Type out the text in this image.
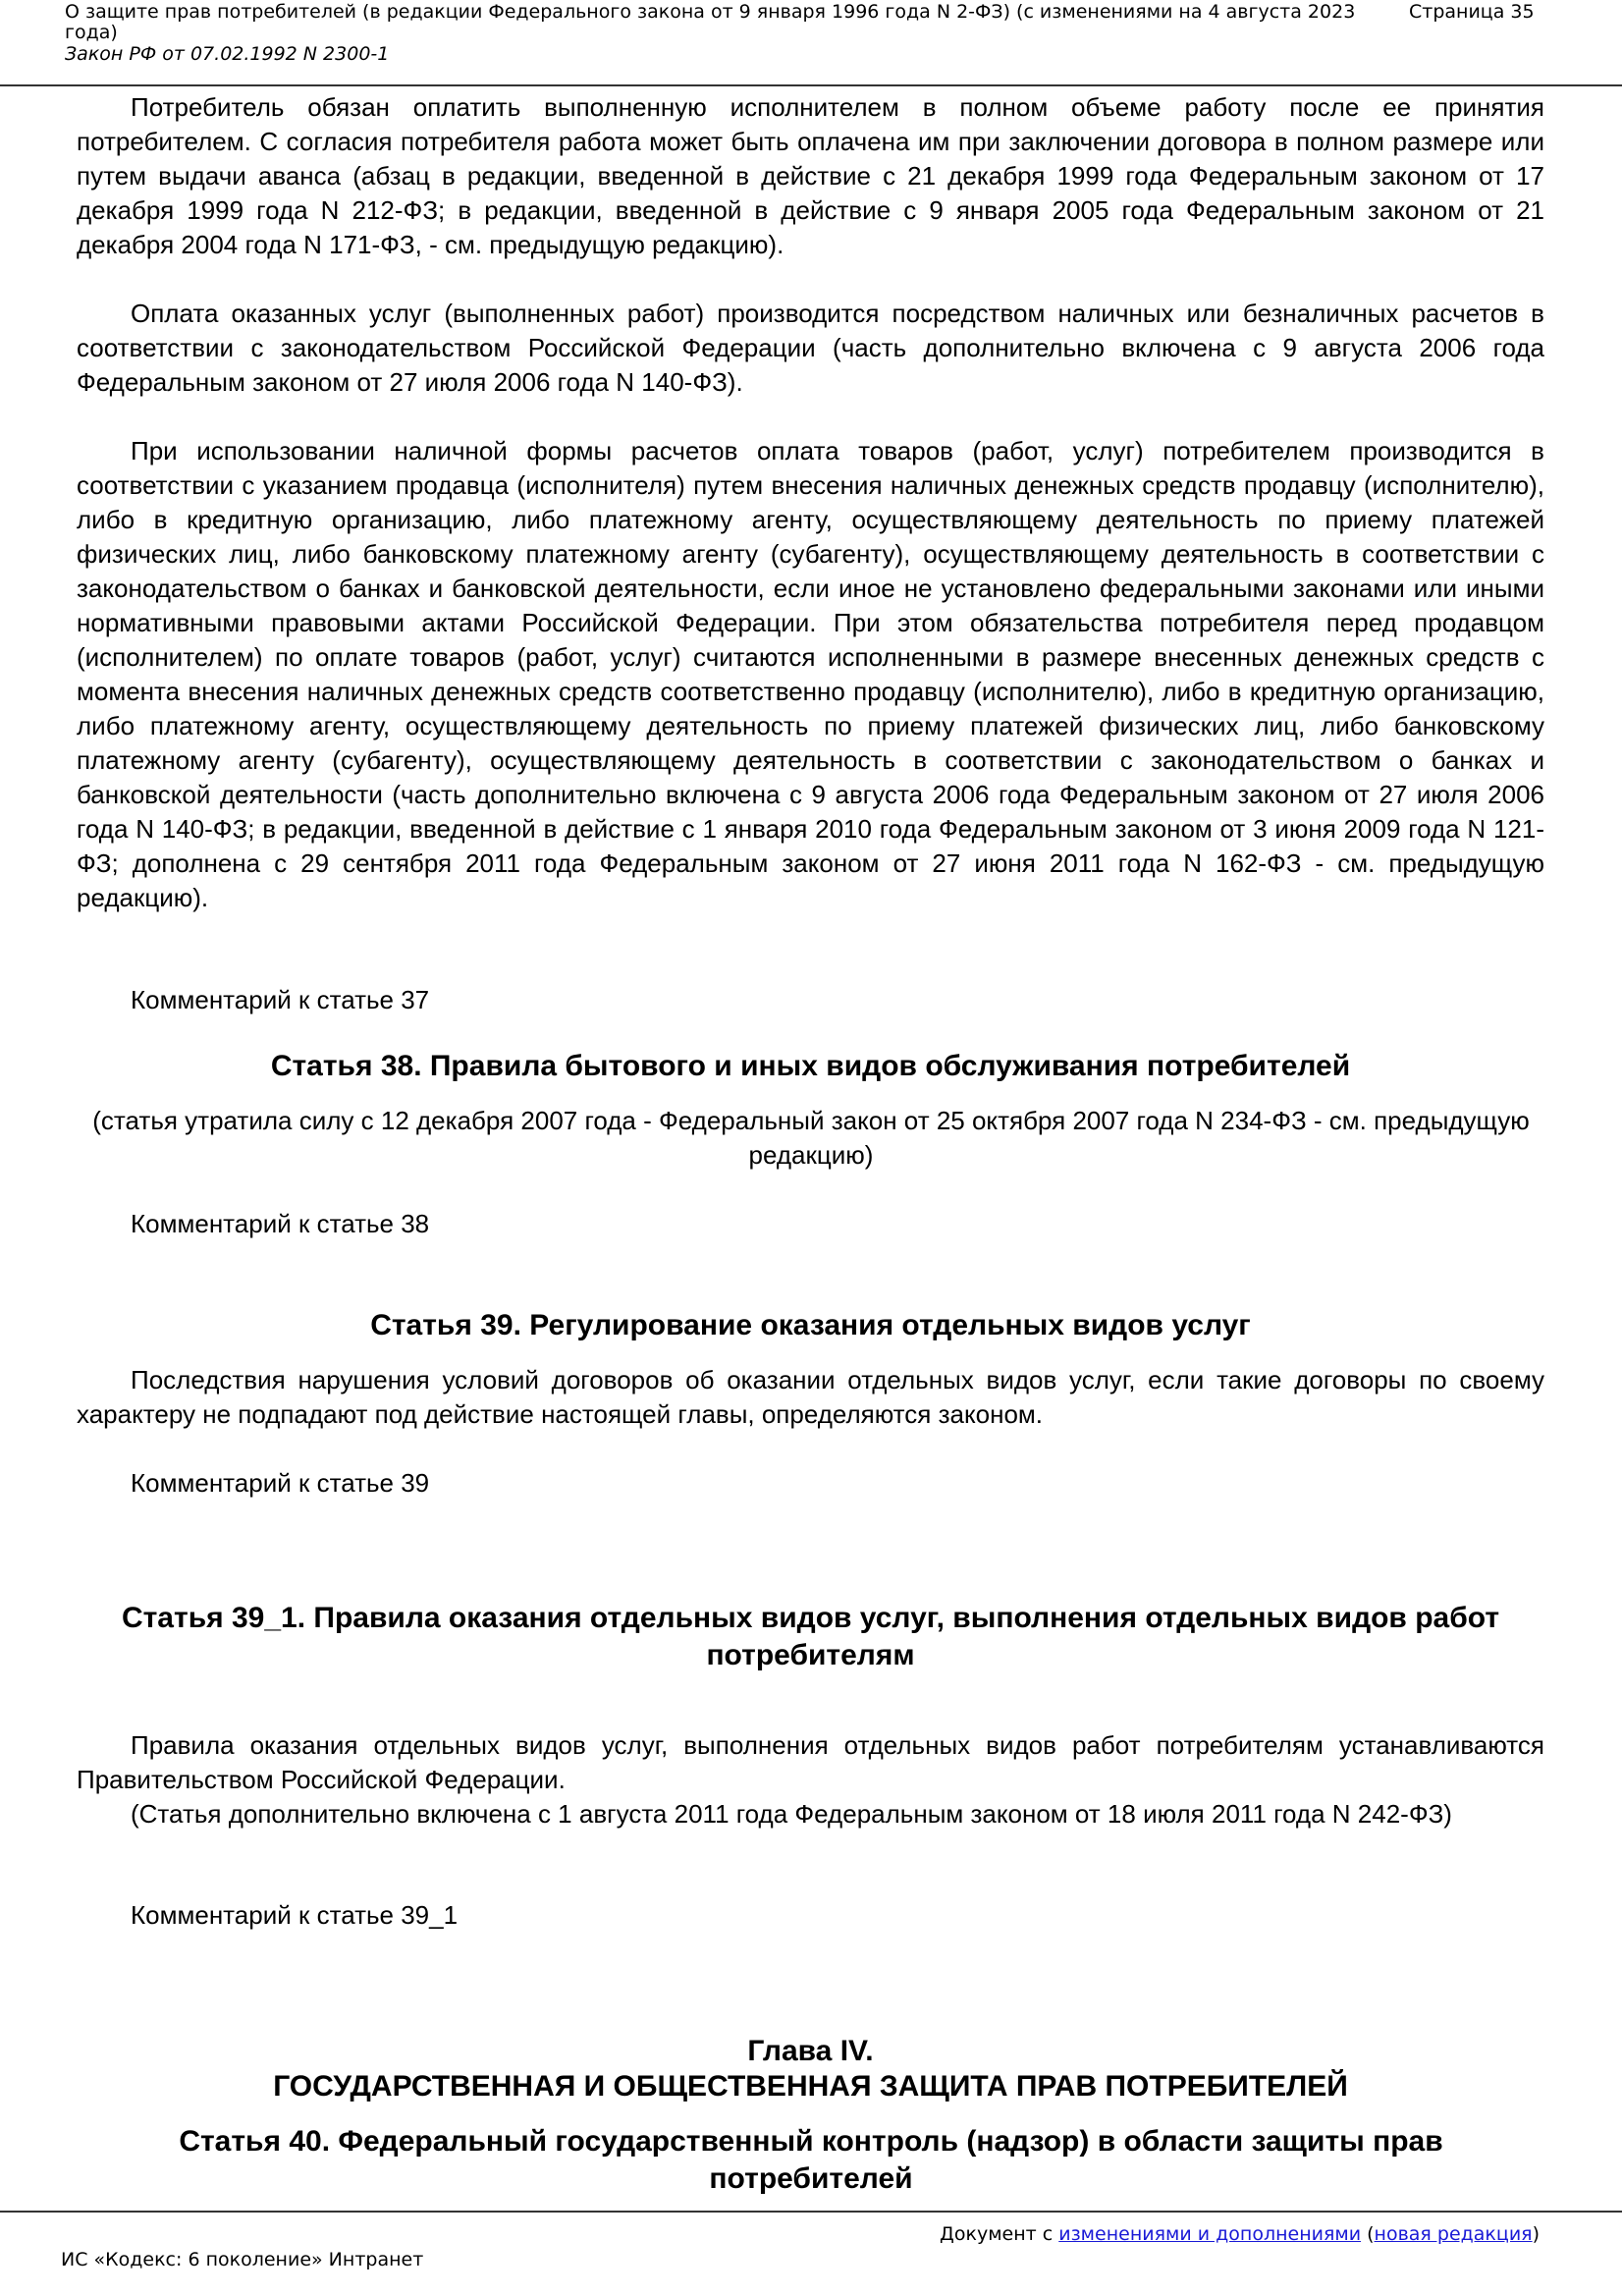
О защите прав потребителей (в редакции Федерального закона от 9 января 1996 года N 2-ФЗ) (с изменениями на 4 августа 2023 года)
Закон РФ от 07.02.1992 N 2300-1
Страница 35
Потребитель обязан оплатить выполненную исполнителем в полном объеме работу после ее принятия потребителем. С согласия потребителя работа может быть оплачена им при заключении договора в полном размере или путем выдачи аванса (абзац в редакции, введенной в действие с 21 декабря 1999 года Федеральным законом от 17 декабря 1999 года N 212-ФЗ; в редакции, введенной в действие с 9 января 2005 года Федеральным законом от 21 декабря 2004 года N 171-ФЗ, - см. предыдущую редакцию).
Оплата оказанных услуг (выполненных работ) производится посредством наличных или безналичных расчетов в соответствии с законодательством Российской Федерации (часть дополнительно включена с 9 августа 2006 года Федеральным законом от 27 июля 2006 года N 140-ФЗ).
При использовании наличной формы расчетов оплата товаров (работ, услуг) потребителем производится в соответствии с указанием продавца (исполнителя) путем внесения наличных денежных средств продавцу (исполнителю), либо в кредитную организацию, либо платежному агенту, осуществляющему деятельность по приему платежей физических лиц, либо банковскому платежному агенту (субагенту), осуществляющему деятельность в соответствии с законодательством о банках и банковской деятельности, если иное не установлено федеральными законами или иными нормативными правовыми актами Российской Федерации. При этом обязательства потребителя перед продавцом (исполнителем) по оплате товаров (работ, услуг) считаются исполненными в размере внесенных денежных средств с момента внесения наличных денежных средств соответственно продавцу (исполнителю), либо в кредитную организацию, либо платежному агенту, осуществляющему деятельность по приему платежей физических лиц, либо банковскому платежному агенту (субагенту), осуществляющему деятельность в соответствии с законодательством о банках и банковской деятельности (часть дополнительно включена с 9 августа 2006 года Федеральным законом от 27 июля 2006 года N 140-ФЗ; в редакции, введенной в действие с 1 января 2010 года Федеральным законом от 3 июня 2009 года N 121-ФЗ; дополнена с 29 сентября 2011 года Федеральным законом от 27 июня 2011 года N 162-ФЗ - см. предыдущую редакцию).
Комментарий к статье 37
Статья 38. Правила бытового и иных видов обслуживания потребителей
(статья утратила силу с 12 декабря 2007 года - Федеральный закон от 25 октября 2007 года N 234-ФЗ - см. предыдущую редакцию)
Комментарий к статье 38
Статья 39. Регулирование оказания отдельных видов услуг
Последствия нарушения условий договоров об оказании отдельных видов услуг, если такие договоры по своему характеру не подпадают под действие настоящей главы, определяются законом.
Комментарий к статье 39
Статья 39_1. Правила оказания отдельных видов услуг, выполнения отдельных видов работ потребителям
Правила оказания отдельных видов услуг, выполнения отдельных видов работ потребителям устанавливаются Правительством Российской Федерации.
(Статья дополнительно включена с 1 августа 2011 года Федеральным законом от 18 июля 2011 года N 242-ФЗ)
Комментарий к статье 39_1
Глава IV.
ГОСУДАРСТВЕННАЯ И ОБЩЕСТВЕННАЯ ЗАЩИТА ПРАВ ПОТРЕБИТЕЛЕЙ
Статья 40. Федеральный государственный контроль (надзор) в области защиты прав потребителей
Документ с изменениями и дополнениями (новая редакция)
ИС «Кодекс: 6 поколение» Интранет
